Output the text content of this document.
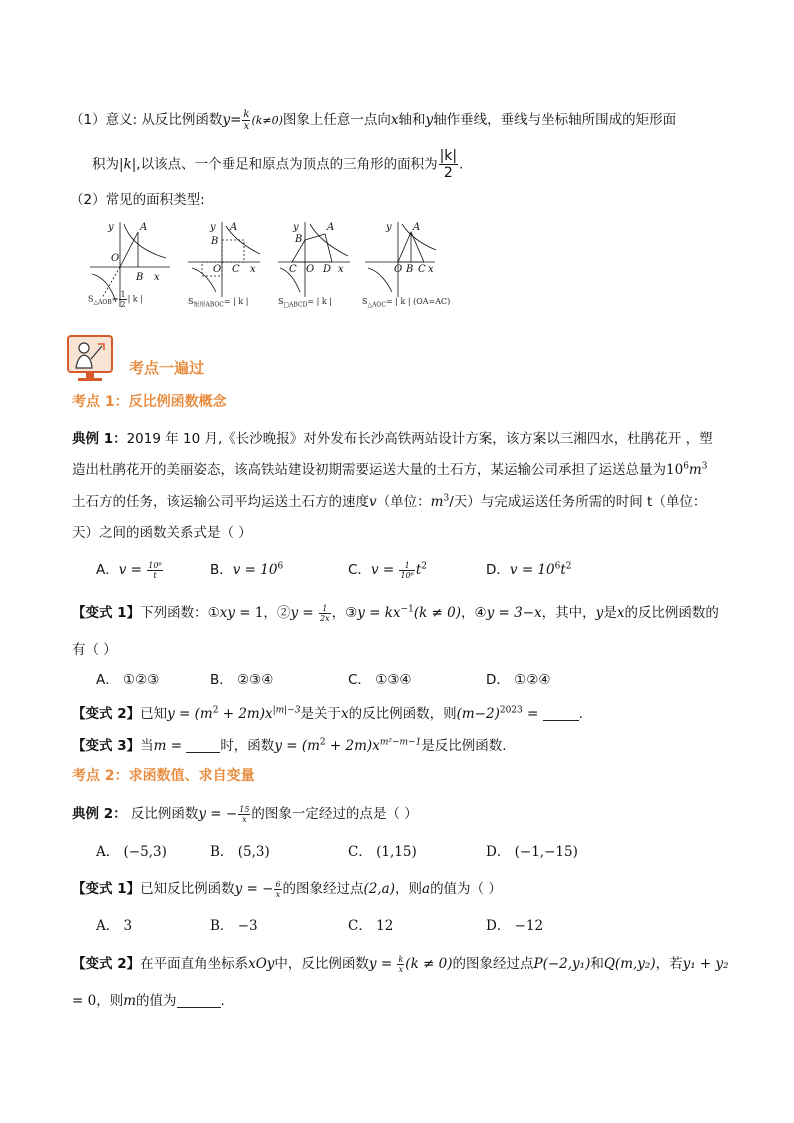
（1）意义: 从反比例函数$y= \frac{k}{x} (k\ne 0)$图象上任意一点向x轴和y轴作垂线，垂线与坐标轴所围成的矩形面
积为|k|,以该点、一个垂足和原点为顶点的三角形的面积为 $\frac{|k|}{2}$ .
（2）常见的面积类型:
y	A
O
B x
y A
B
O C x
y	A
B
C O D x
y A
O B C x
$S_{\triangle AOB}= \frac{1}{2}$ | k |	$S_{矩形ABOC}=$ | k |	$S_{□ABCD}=$ | k |	$S_{\triangle AOC}=$ | k | (OA=AC)
考点一遍过
考点 1：反比例函数概念
典例 1：2019 年 10 月,《长沙晚报》对外发布长沙高铁两站设计方案，该方案以三湘四水，杜鹃花开 ，塑
造出杜鹃花开的美丽姿态，该高铁站建设初期需要运送大量的土石方，某运输公司承担了运送总量为$10^6m^3$
土石方的任务，该运输公司平均运送土石方的速度v（单位：$m^3/$天）与完成运送任务所需的时间 t（单位：
天）之间的函数关系式是（ ）
A．$v = \frac{\text{10⁶}}{t}$	B．$v = 10^6$	C．$v = \frac{1}{\text{10⁶}} t^2$	D．$v = 10^6t^2$
【变式 1】下列函数：①xy = 1，②y = $\frac{1}{2x}$ ，③y = $kx^{-1}(k \ne 0)$，④y = 3−x，其中，y是x的反比例函数的
有（ ）
A． ①②③	B． ②③④	C． ①③④	D． ①②④
【变式 2】已知$y = (m^2 + 2m)x^{|m|-3}$是关于x的反比例函数，则$(m-2)^{2023}$ =	.
【变式 3】当m =	时，函数$y = (m^2 + 2m)x^{m^2-m-1}$是反比例函数.
考点 2：求函数值、求自变量
典例 2： 反比例函数y = − $\frac{15}{x}$ 的图象一定经过的点是（ ）
A． (−5,3)	B． (5,3)	C． (1,15)	D． (−1,−15)
【变式 1】已知反比例函数y = − $\frac{6}{x}$ 的图象经过点(2,a)，则a的值为（ ）
A． 3	B． −3	C． 12	D． −12
【变式 2】在平面直角坐标系xOy中，反比例函数$y = \frac{k}{x} (k \ne 0)$的图象经过点P(−2,y₁)和Q(m,y₂)，若y₁ + y₂
= 0，则m的值为	.
